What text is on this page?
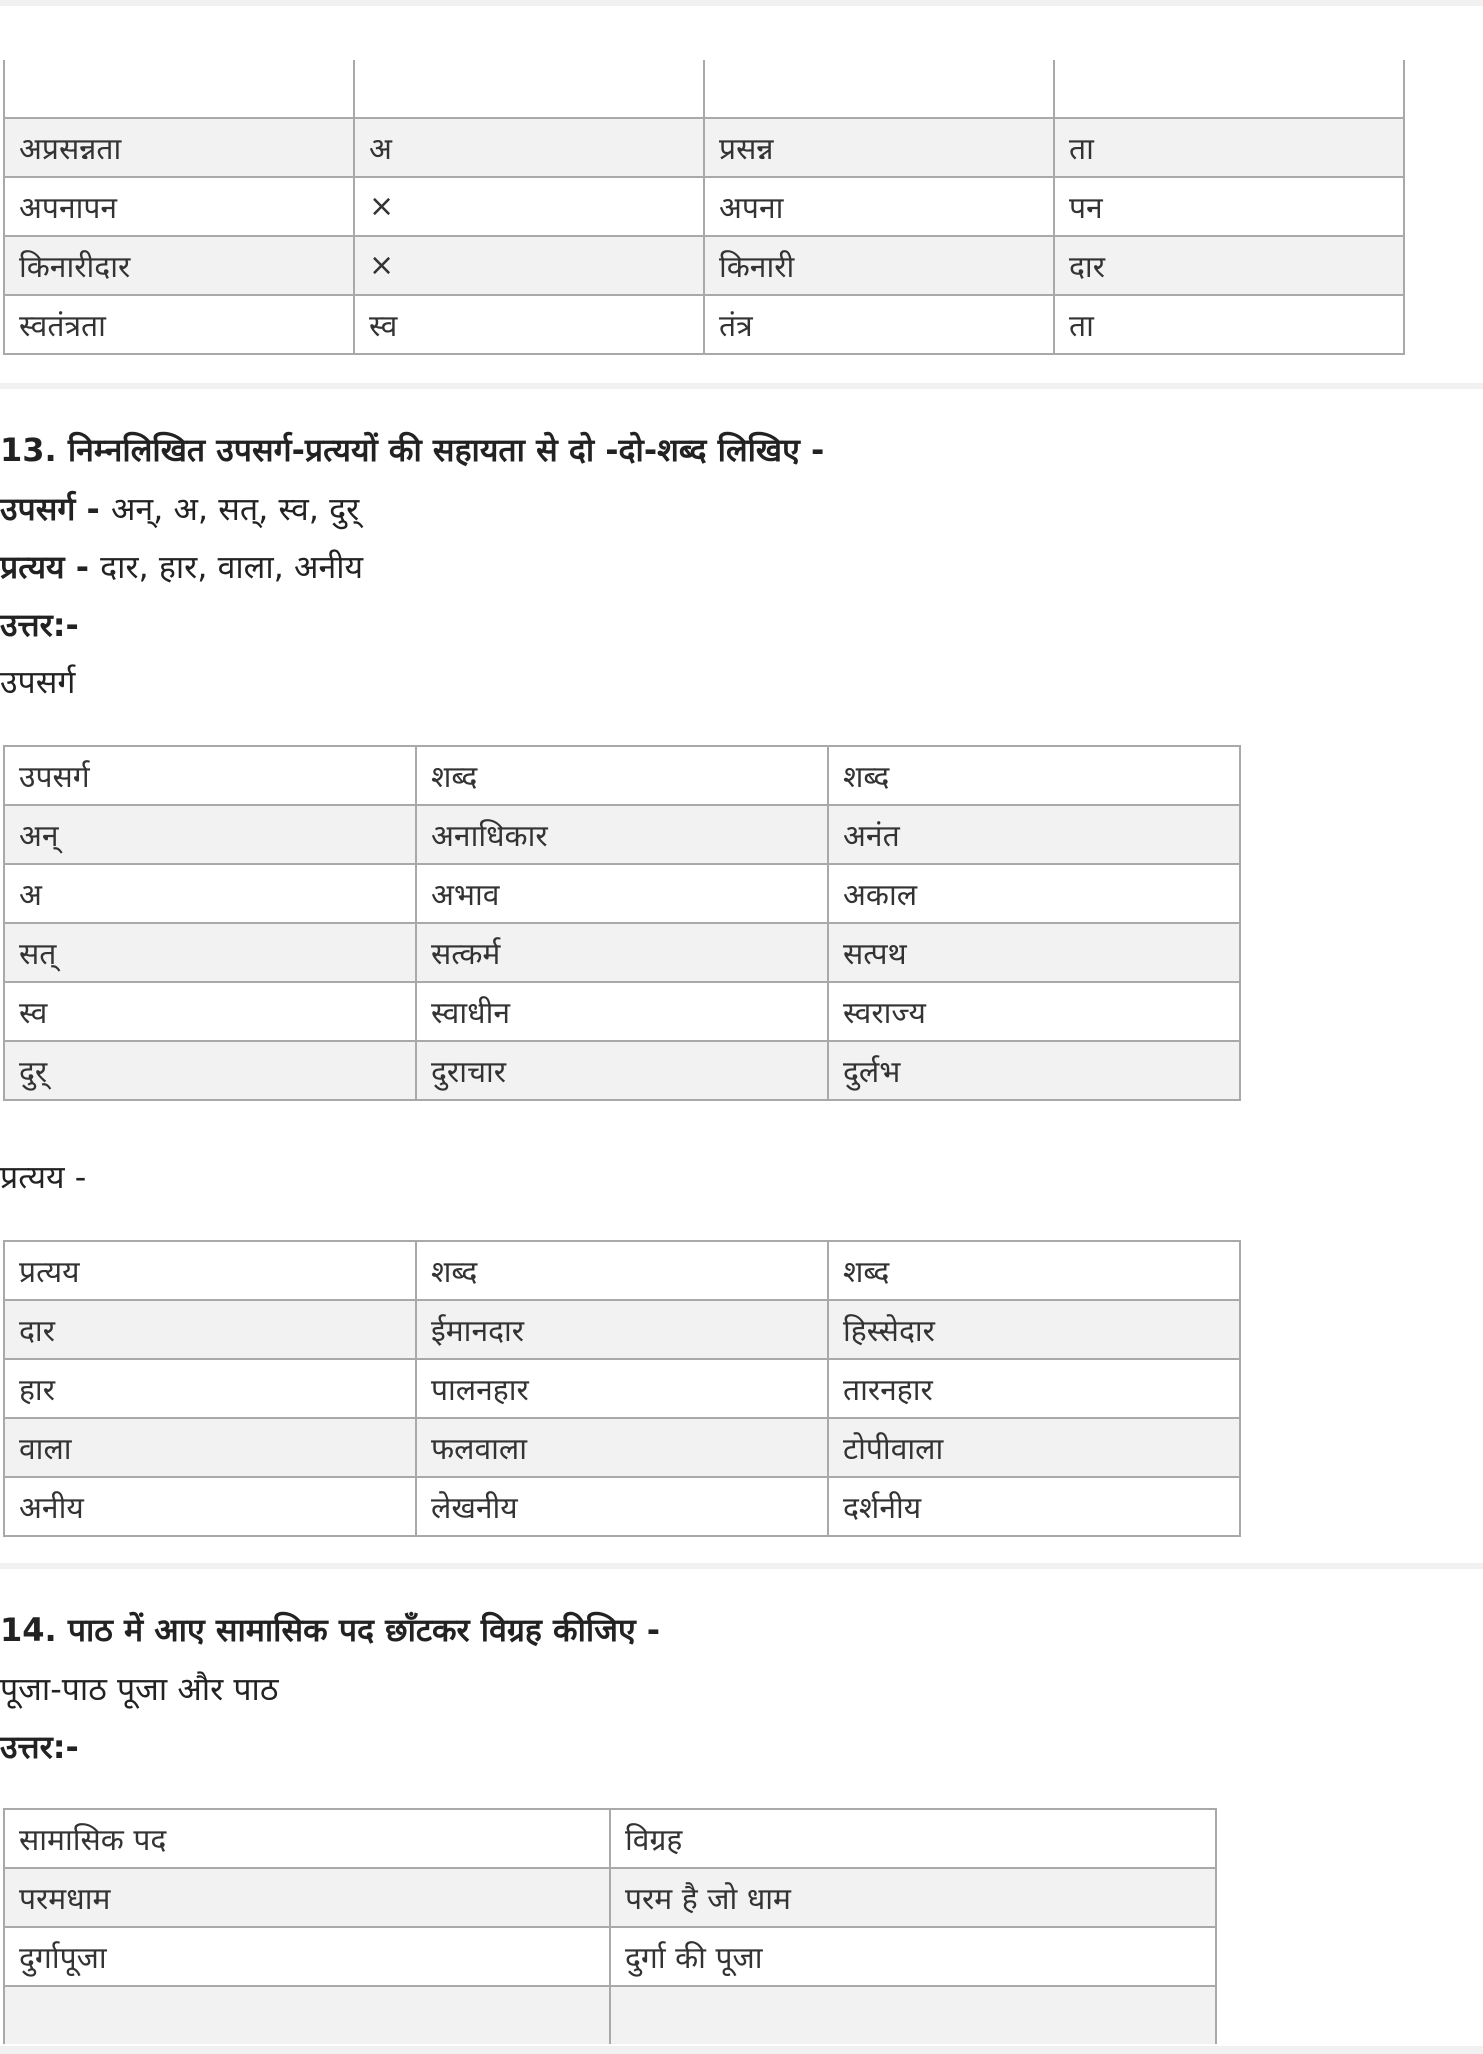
अप्रसन्नता	अ	प्रसन्न	ता
अपनापन	×	अपना	पन
किनारीदार	×	किनारी	दार
स्वतंत्रता	स्व	तंत्र	ता
13. निम्नलिखित उपसर्ग-प्रत्ययों की सहायता से दो -दो-शब्द लिखिए -
उपसर्ग - अन्, अ, सत्, स्व, दुर्
प्रत्यय - दार, हार, वाला, अनीय
उत्तर:-
उपसर्ग
उपसर्ग	शब्द	शब्द
अन्	अनाधिकार	अनंत
अ	अभाव	अकाल
सत्	सत्कर्म	सत्पथ
स्व	स्वाधीन	स्वराज्य
दुर्	दुराचार	दुर्लभ
प्रत्यय -
प्रत्यय	शब्द	शब्द
दार	ईमानदार	हिस्सेदार
हार	पालनहार	तारनहार
वाला	फलवाला	टोपीवाला
अनीय	लेखनीय	दर्शनीय
14. पाठ में आए सामासिक पद छाँटकर विग्रह कीजिए -
पूजा-पाठ पूजा और पाठ
उत्तर:-
सामासिक पद	विग्रह
परमधाम	परम है जो धाम
दुर्गापूजा	दुर्गा की पूजा
